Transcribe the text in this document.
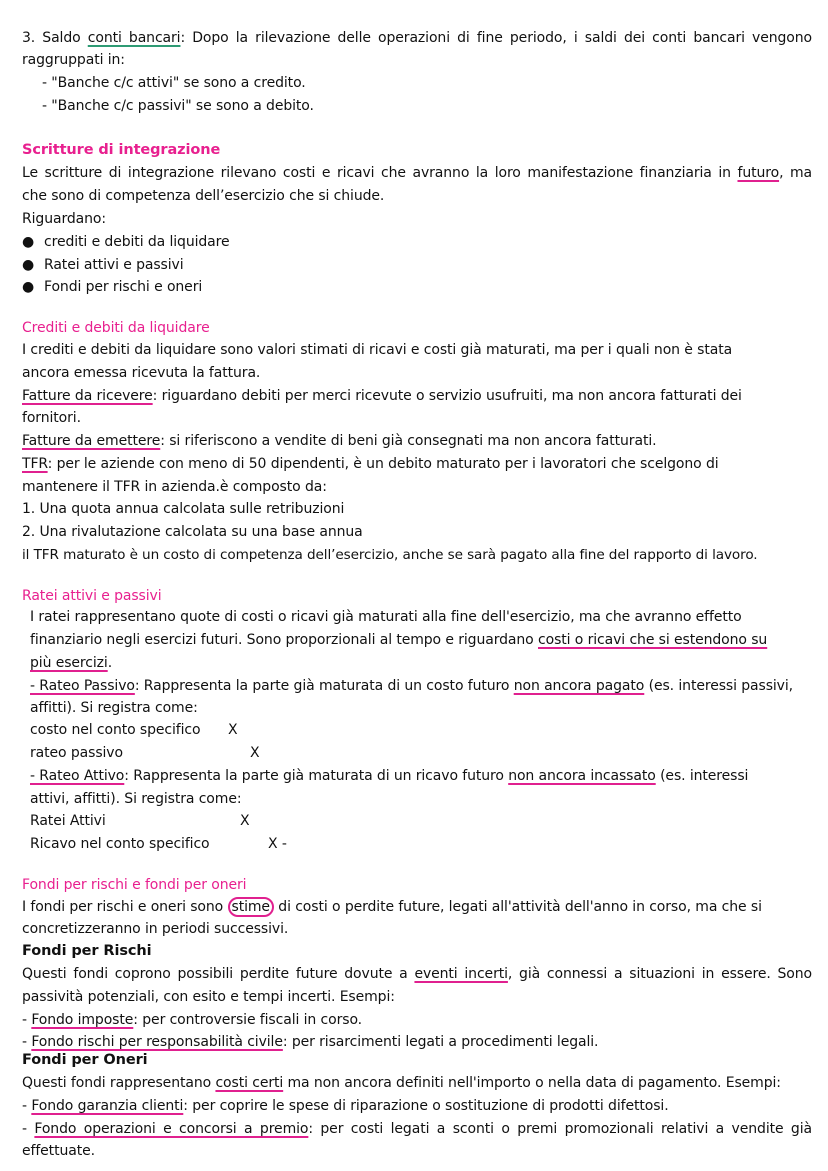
3. Saldo conti bancari: Dopo la rilevazione delle operazioni di fine periodo, i saldi dei conti bancari vengono
raggruppati in:
- "Banche c/c attivi" se sono a credito.
- "Banche c/c passivi" se sono a debito.
Scritture di integrazione
Le scritture di integrazione rilevano costi e ricavi che avranno la loro manifestazione finanziaria in futuro, ma
che sono di competenza dell’esercizio che si chiude.
Riguardano:
● crediti e debiti da liquidare
● Ratei attivi e passivi
● Fondi per rischi e oneri
Crediti e debiti da liquidare
I crediti e debiti da liquidare sono valori stimati di ricavi e costi già maturati, ma per i quali non è stata
ancora emessa ricevuta la fattura.
Fatture da ricevere: riguardano debiti per merci ricevute o servizio usufruiti, ma non ancora fatturati dei
fornitori.
Fatture da emettere: si riferiscono a vendite di beni già consegnati ma non ancora fatturati.
TFR: per le aziende con meno di 50 dipendenti, è un debito maturato per i lavoratori che scelgono di
mantenere il TFR in azienda.è composto da:
1. Una quota annua calcolata sulle retribuzioni
2. Una rivalutazione calcolata su una base annua
il TFR maturato è un costo di competenza dell’esercizio, anche se sarà pagato alla fine del rapporto di lavoro.
Ratei attivi e passivi
I ratei rappresentano quote di costi o ricavi già maturati alla fine dell'esercizio, ma che avranno effetto
finanziario negli esercizi futuri. Sono proporzionali al tempo e riguardano costi o ricavi che si estendono su
più esercizi.
- Rateo Passivo: Rappresenta la parte già maturata di un costo futuro non ancora pagato (es. interessi passivi,
affitti). Si registra come:
costo nel conto specifico X
rateo passivo	X
- Rateo Attivo: Rappresenta la parte già maturata di un ricavo futuro non ancora incassato (es. interessi
attivi, affitti). Si registra come:
Ratei Attivi	X
Ricavo nel conto specifico	X -
Fondi per rischi e fondi per oneri
I fondi per rischi e oneri sono stime di costi o perdite future, legati all'attività dell'anno in corso, ma che si
concretizzeranno in periodi successivi.
Fondi per Rischi
Questi fondi coprono possibili perdite future dovute a eventi incerti, già connessi a situazioni in essere. Sono
passività potenziali, con esito e tempi incerti. Esempi:
- Fondo imposte: per controversie fiscali in corso.
- Fondo rischi per responsabilità civile: per risarcimenti legati a procedimenti legali.
Fondi per Oneri
Questi fondi rappresentano costi certi ma non ancora definiti nell'importo o nella data di pagamento. Esempi:
- Fondo garanzia clienti: per coprire le spese di riparazione o sostituzione di prodotti difettosi.
- Fondo operazioni e concorsi a premio: per costi legati a sconti o premi promozionali relativi a vendite già
effettuate.
